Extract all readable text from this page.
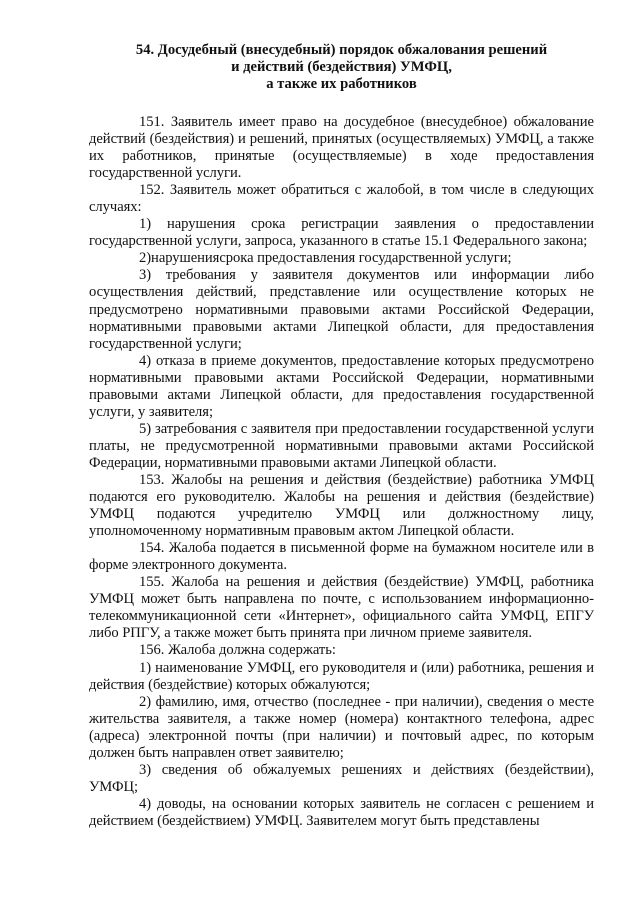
54. Досудебный (внесудебный) порядок обжалования решений
и действий (бездействия) УМФЦ,
а также их работников

151. Заявитель имеет право на досудебное (внесудебное) обжалование действий (бездействия) и решений, принятых (осуществляемых) УМФЦ, а также их работников, принятые (осуществляемые) в ходе предоставления государственной услуги.

152. Заявитель может обратиться с жалобой, в том числе в следующих случаях:

1) нарушения срока регистрации заявления о предоставлении государственной услуги, запроса, указанного в статье 15.1 Федерального закона;

2)нарушениясрока предоставления государственной услуги;

3) требования у заявителя документов или информации либо осуществления действий, представление или осуществление которых не предусмотрено нормативными правовыми актами Российской Федерации, нормативными правовыми актами Липецкой области, для предоставления государственной услуги;

4) отказа в приеме документов, предоставление которых предусмотрено нормативными правовыми актами Российской Федерации, нормативными правовыми актами Липецкой области, для предоставления государственной услуги, у заявителя;

5) затребования с заявителя при предоставлении государственной услуги платы, не предусмотренной нормативными правовыми актами Российской Федерации, нормативными правовыми актами Липецкой области.

153. Жалобы на решения и действия (бездействие) работника УМФЦ подаются его руководителю. Жалобы на решения и действия (бездействие) УМФЦ подаются учредителю УМФЦ или должностному лицу, уполномоченному нормативным правовым актом Липецкой области.

154. Жалоба подается в письменной форме на бумажном носителе или в форме электронного документа.

155. Жалоба на решения и действия (бездействие) УМФЦ, работника УМФЦ может быть направлена по почте, с использованием информационно-телекоммуникационной сети «Интернет», официального сайта УМФЦ, ЕПГУ либо РПГУ, а также может быть принята при личном приеме заявителя.

156. Жалоба должна содержать:

1) наименование УМФЦ, его руководителя и (или) работника, решения и действия (бездействие) которых обжалуются;

2) фамилию, имя, отчество (последнее - при наличии), сведения о месте жительства заявителя, а также номер (номера) контактного телефона, адрес (адреса) электронной почты (при наличии) и почтовый адрес, по которым должен быть направлен ответ заявителю;

3) сведения об обжалуемых решениях и действиях (бездействии), УМФЦ;

4) доводы, на основании которых заявитель не согласен с решением и действием (бездействием) УМФЦ. Заявителем могут быть представлены
